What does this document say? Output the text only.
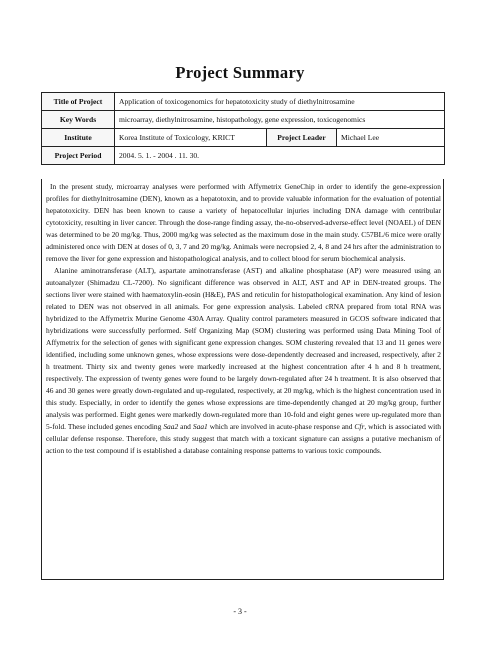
Project Summary
Title of Project	Application of toxicogenomics for hepatotoxicity study of diethylnitrosamine		
Key Words	microarray, diethylnitrosamine, histopathology, gene expression, toxicogenomics		
Institute	Korea Institute of Toxicology, KRICT	Project Leader	Michael Lee
Project Period	2004. 5. 1. - 2004 . 11. 30.		

In the present study, microarray analyses were performed with Affymetrix GeneChip in order to identify the gene-expression profiles for diethylnitrosamine (DEN), known as a hepatotoxin, and to provide valuable information for the evaluation of potential hepatotoxicity. DEN has been known to cause a variety of hepatocellular injuries including DNA damage with centribular cytotoxicity, resulting in liver cancer. Through the dose-range finding assay, the-no-observed-adverse-effect level (NOAEL) of DEN was determined to be 20 mg/kg. Thus, 2000 mg/kg was selected as the maximum dose in the main study. C57BL/6 mice were orally administered once with DEN at doses of 0, 3, 7 and 20 mg/kg. Animals were necropsied 2, 4, 8 and 24 hrs after the administration to remove the liver for gene expression and histopathological analysis, and to collect blood for serum biochemical analysis.

Alanine aminotransferase (ALT), aspartate aminotransferase (AST) and alkaline phosphatase (AP) were measured using an autoanalyzer (Shimadzu CL-7200). No significant difference was observed in ALT, AST and AP in DEN-treated groups. The sections liver were stained with haematoxylin-eosin (H&E), PAS and reticulin for histopathological examination. Any kind of lesion related to DEN was not observed in all animals. For gene expression analysis. Labeled cRNA prepared from total RNA was hybridized to the Affymetrix Murine Genome 430A Array. Quality control parameters measured in GCOS software indicated that hybridizations were successfully performed. Self Organizing Map (SOM) clustering was performed using Data Mining Tool of Affymetrix for the selection of genes with significant gene expression changes. SOM clustering revealed that 13 and 11 genes were identified, including some unknown genes, whose expressions were dose-dependently decreased and increased, respectively, after 2 h treatment. Thirty six and twenty genes were markedly increased at the highest concentration after 4 h and 8 h treatment, respectively. The expression of twenty genes were found to be largely down-regulated after 24 h treatment. It is also observed that 46 and 30 genes were greatly down-regulated and up-regulated, respectively, at 20 mg/kg, which is the highest concentration used in this study. Especially, in order to identify the genes whose expressions are time-dependently changed at 20 mg/kg group, further analysis was performed. Eight genes were markedly down-regulated more than 10-fold and eight genes were up-regulated more than 5-fold. These included genes encoding Saa2 and Saa1 which are involved in acute-phase response and Cfr, which is associated with cellular defense response. Therefore, this study suggest that match with a toxicant signature can assigns a putative mechanism of action to the test compound if is established a database containing response patterns to various toxic compounds.

- 3 -
